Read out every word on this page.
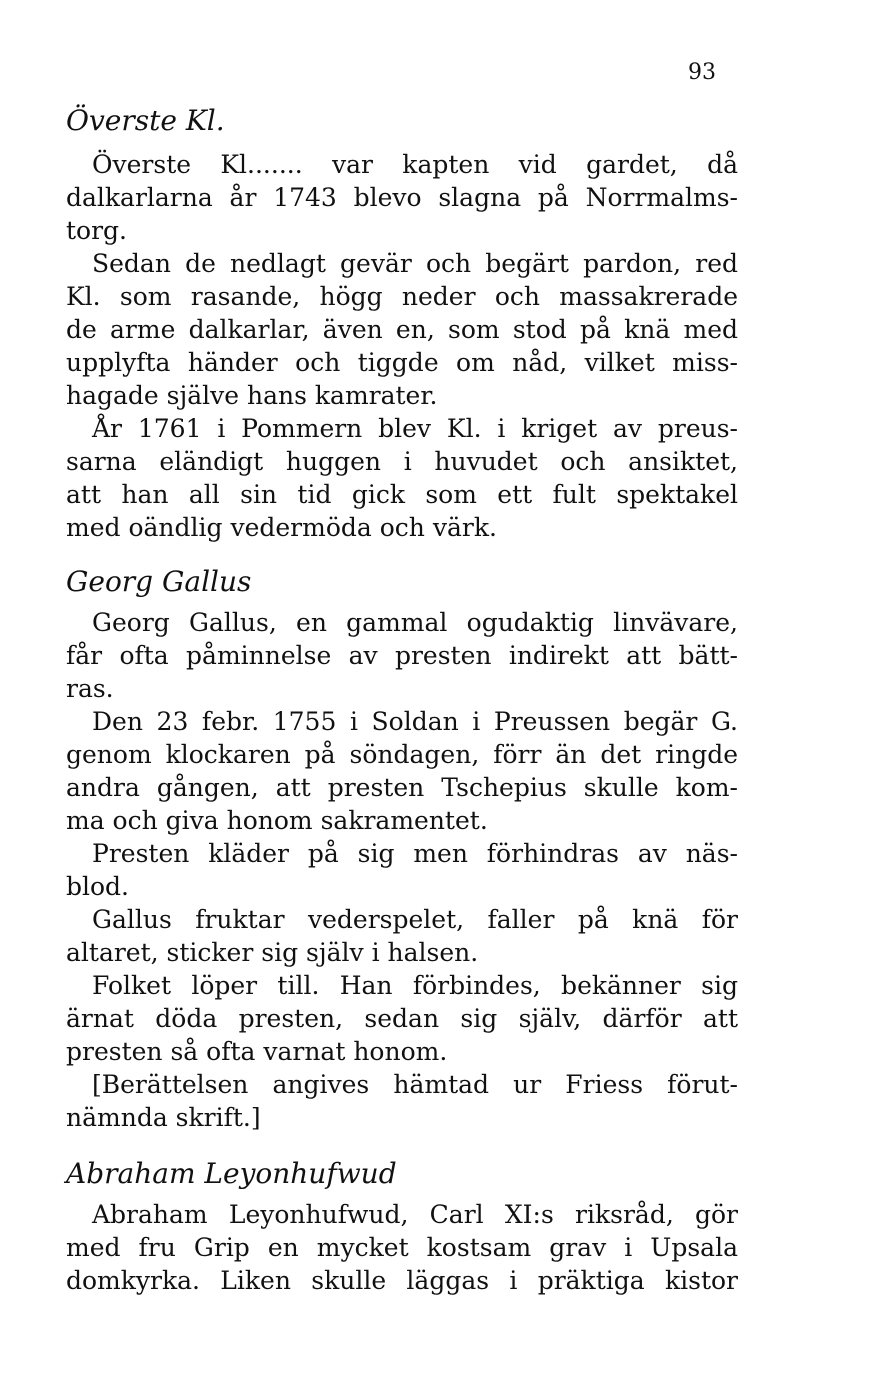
93
Överste Kl.
Överste Kl....... var kapten vid gardet, då
dalkarlarna år 1743 blevo slagna på Norrmalms-
torg.
Sedan de nedlagt gevär och begärt pardon, red
Kl. som rasande, högg neder och massakrerade
de arme dalkarlar, även en, som stod på knä med
upplyfta händer och tiggde om nåd, vilket miss-
hagade själve hans kamrater.
År 1761 i Pommern blev Kl. i kriget av preus-
sarna eländigt huggen i huvudet och ansiktet,
att han all sin tid gick som ett fult spektakel
med oändlig vedermöda och värk.
Georg Gallus
Georg Gallus, en gammal ogudaktig linvävare,
får ofta påminnelse av presten indirekt att bätt-
ras.
Den 23 febr. 1755 i Soldan i Preussen begär G.
genom klockaren på söndagen, förr än det ringde
andra gången, att presten Tschepius skulle kom-
ma och giva honom sakramentet.
Presten kläder på sig men förhindras av näs-
blod.
Gallus fruktar vederspelet, faller på knä för
altaret, sticker sig själv i halsen.
Folket löper till. Han förbindes, bekänner sig
ärnat döda presten, sedan sig själv, därför att
presten så ofta varnat honom.
[Berättelsen angives hämtad ur Friess förut-
nämnda skrift.]
Abraham Leyonhufwud
Abraham Leyonhufwud, Carl XI:s riksråd, gör
med fru Grip en mycket kostsam grav i Upsala
domkyrka. Liken skulle läggas i präktiga kistor
